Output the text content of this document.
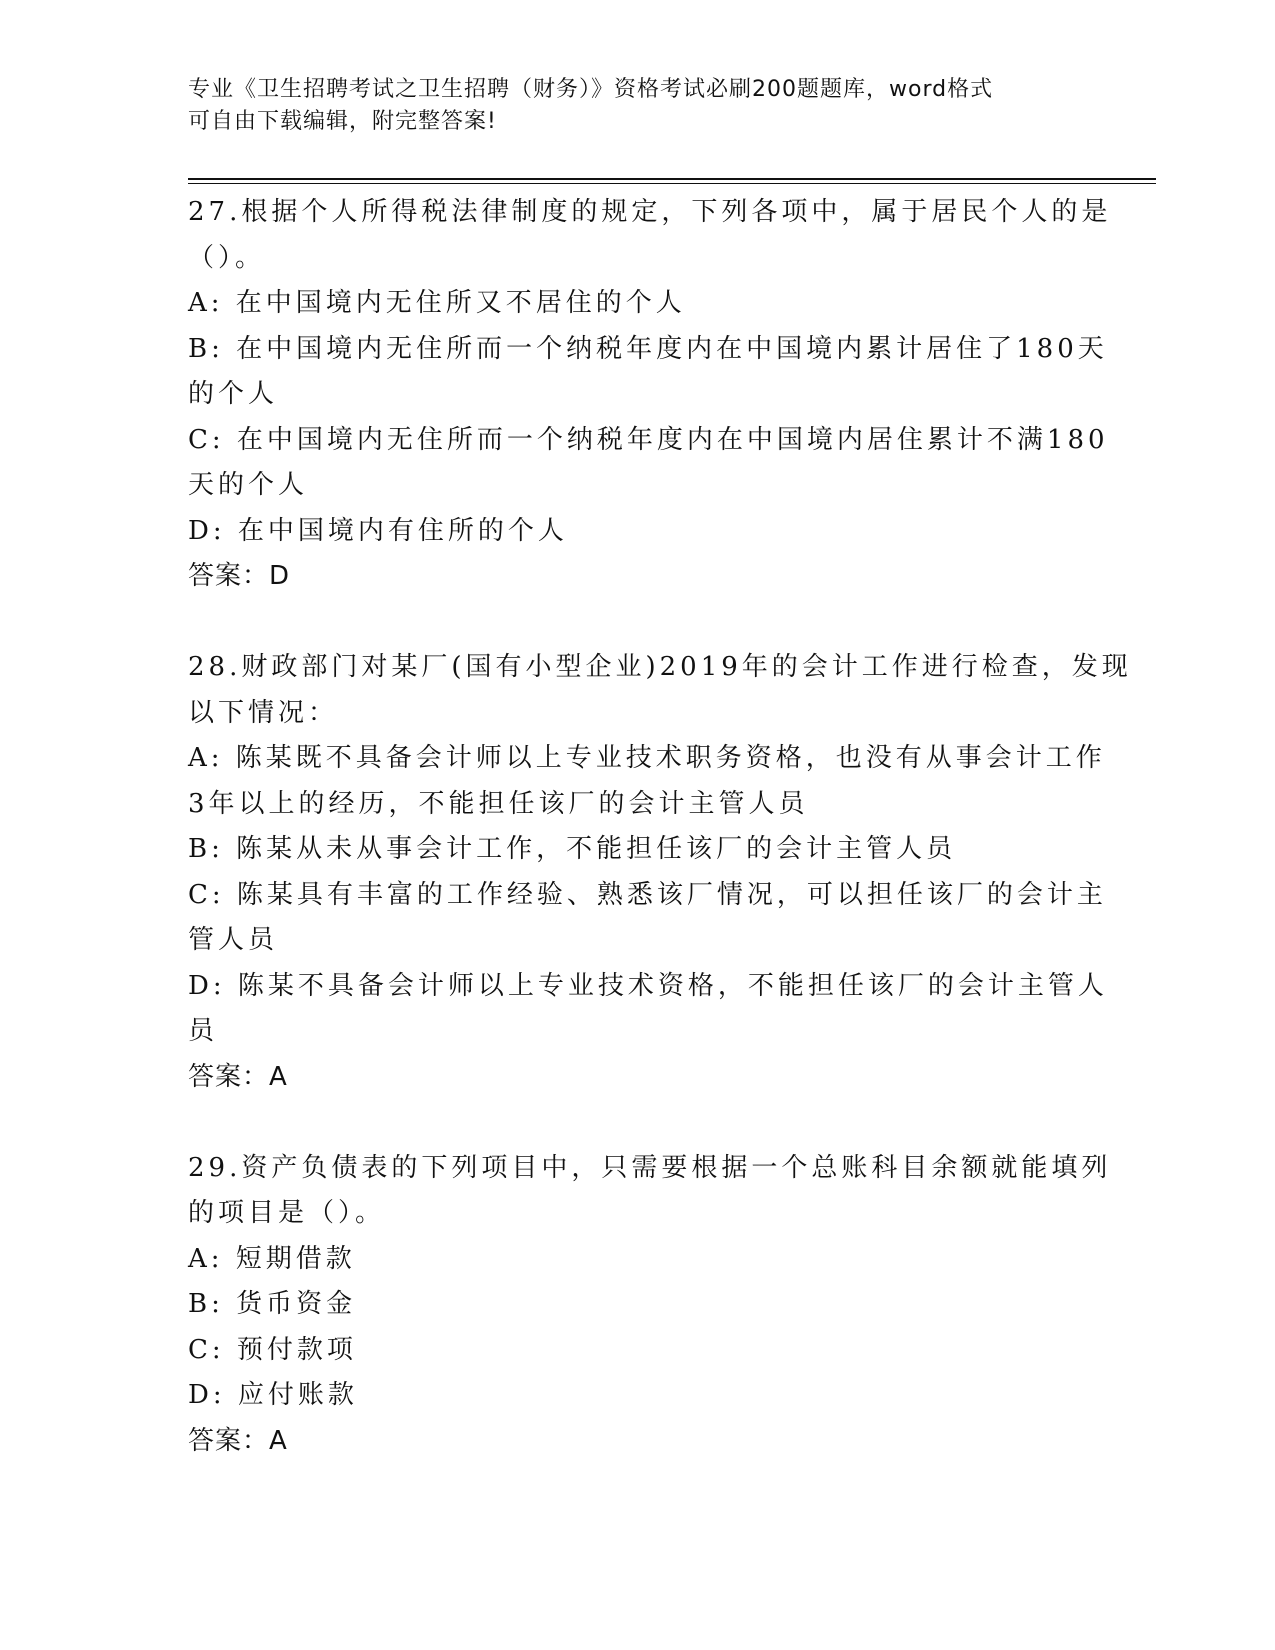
专业《卫生招聘考试之卫生招聘（财务）》资格考试必刷200题题库，word格式
可自由下载编辑，附完整答案!
27.根据个人所得税法律制度的规定，下列各项中，属于居民个人的是
（）。
A: 在中国境内无住所又不居住的个人
B: 在中国境内无住所而一个纳税年度内在中国境内累计居住了180天
的个人
C: 在中国境内无住所而一个纳税年度内在中国境内居住累计不满180
天的个人
D: 在中国境内有住所的个人
答案：D
28.财政部门对某厂(国有小型企业)2019年的会计工作进行检查，发现
以下情况：
A: 陈某既不具备会计师以上专业技术职务资格，也没有从事会计工作
3年以上的经历，不能担任该厂的会计主管人员
B: 陈某从未从事会计工作，不能担任该厂的会计主管人员
C: 陈某具有丰富的工作经验、熟悉该厂情况，可以担任该厂的会计主
管人员
D: 陈某不具备会计师以上专业技术资格，不能担任该厂的会计主管人
员
答案：A
29.资产负债表的下列项目中，只需要根据一个总账科目余额就能填列
的项目是（）。
A: 短期借款
B: 货币资金
C: 预付款项
D: 应付账款
答案：A
